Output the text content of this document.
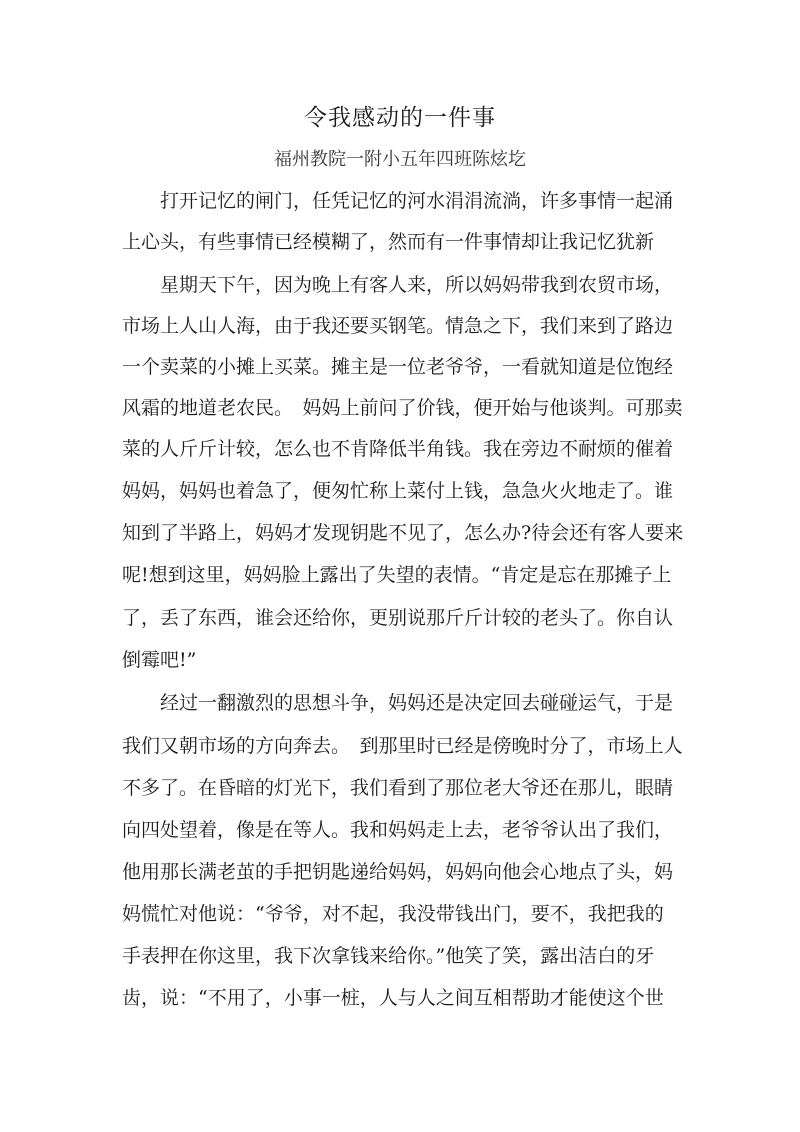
令我感动的一件事
福州教院一附小五年四班陈炫圪
　　打开记忆的闸门，任凭记忆的河水涓涓流淌，许多事情一起涌
上心头，有些事情已经模糊了，然而有一件事情却让我记忆犹新
　　星期天下午，因为晚上有客人来，所以妈妈带我到农贸市场，
市场上人山人海，由于我还要买钢笔。情急之下，我们来到了路边
一个卖菜的小摊上买菜。摊主是一位老爷爷，一看就知道是位饱经
风霜的地道老农民。　妈妈上前问了价钱，便开始与他谈判。可那卖
菜的人斤斤计较，怎么也不肯降低半角钱。我在旁边不耐烦的催着
妈妈，妈妈也着急了，便匆忙称上菜付上钱，急急火火地走了。谁
知到了半路上，妈妈才发现钥匙不见了，怎么办?待会还有客人要来
呢!想到这里，妈妈脸上露出了失望的表情。“肯定是忘在那摊子上
了，丢了东西，谁会还给你，更别说那斤斤计较的老头了。你自认
倒霉吧!”
　　经过一翻激烈的思想斗争，妈妈还是决定回去碰碰运气，于是
我们又朝市场的方向奔去。　到那里时已经是傍晚时分了，市场上人
不多了。在昏暗的灯光下，我们看到了那位老大爷还在那儿，眼睛
向四处望着，像是在等人。我和妈妈走上去，老爷爷认出了我们，
他用那长满老茧的手把钥匙递给妈妈，妈妈向他会心地点了头，妈
妈慌忙对他说：“爷爷，对不起，我没带钱出门，要不，我把我的
手表押在你这里，我下次拿钱来给你。”他笑了笑，露出洁白的牙
齿，说：“不用了，小事一桩，人与人之间互相帮助才能使这个世
